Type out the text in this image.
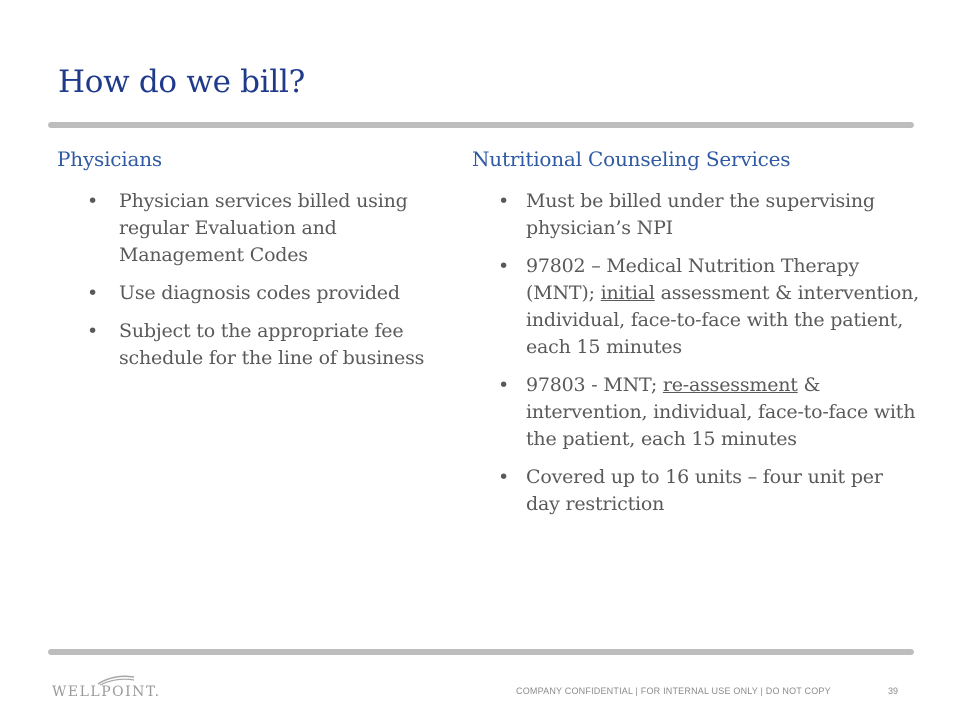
How do we bill?
Physicians
• Physician services billed using regular Evaluation and Management Codes
• Use diagnosis codes provided
• Subject to the appropriate fee schedule for the line of business
Nutritional Counseling Services
• Must be billed under the supervising physician’s NPI
• 97802 – Medical Nutrition Therapy (MNT); initial assessment & intervention, individual, face-to-face with the patient, each 15 minutes
• 97803 - MNT; re-assessment & intervention, individual, face-to-face with the patient, each 15 minutes
• Covered up to 16 units – four unit per day restriction
WELLPOINT.	COMPANY CONFIDENTIAL | FOR INTERNAL USE ONLY | DO NOT COPY	39
